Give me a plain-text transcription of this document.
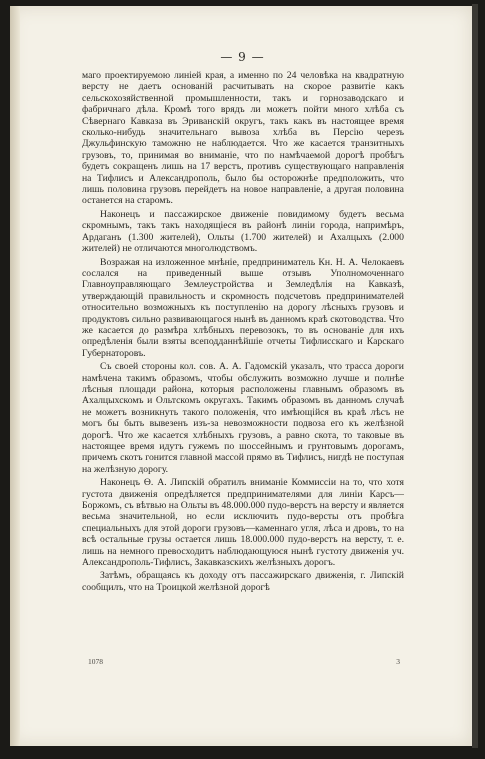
— 9 —

маго проектируемою линiей края, а именно по 24 человѣка на квадратную версту не даетъ основанiй расчитывать на скорое развитiе какъ сельскохозяйственной промышленности, такъ и горнозаводскаго и фабричнаго дѣла. Кромѣ того врядъ ли можетъ пойти много хлѣба съ Сѣвернаго Кавказа въ Эриванскiй округъ, такъ какъ въ настоящее время сколько-нибудь значительнаго вывоза хлѣба въ Персiю черезъ Джульфинскую таможню не наблюдается. Что же касается транзитныхъ грузовъ, то, принимая во вниманiе, что по намѣчаемой дорогѣ пробѣгъ будетъ сокращенъ лишь на 17 верстъ, противъ существующаго направленiя на Тифлисъ и Александрополь, было бы осторожнѣе предположить, что лишь половина грузовъ перейдетъ на новое направленiе, а другая половина останется на старомъ.

Наконецъ и пассажирское движенiе повидимому будетъ весьма скромнымъ, такъ такъ находящiеся въ районѣ линiи города, напримѣръ, Ардаганъ (1.300 жителей), Ольты (1.700 жителей) и Ахалцыхъ (2.000 жителей) не отличаются многолюдствомъ.

Возражая на изложенное мнѣнiе, предприниматель Кн. Н. А. Челокаевъ сослался на приведенный выше отзывъ Уполномоченнаго Главноуправляющаго Землеустройства и Земледѣлiя на Кавказѣ, утверждающiй правильность и скромность подсчетовъ предпринимателей относительно возможныхъ къ поступленiю на дорогу лѣсныхъ грузовъ и продуктовъ сильно развивающагося нынѣ въ данномъ краѣ скотоводства. Что же касается до размѣра хлѣбныхъ перевозокъ, то въ основанiе для ихъ опредѣленiя были взяты всеподданнѣйшiе отчеты Тифлисскаго и Карскаго Губернаторовъ.

Съ своей стороны кол. сов. А. А. Гадомскiй указалъ, что трасса дороги намѣчена такимъ образомъ, чтобы обслужить возможно лучше и полнѣе лѣсныя площади района, которыя расположены главнымъ образомъ въ Ахалцыхскомъ и Ольтскомъ округахъ. Такимъ образомъ въ данномъ случаѣ не можетъ возникнуть такого положенiя, что имѣющiйся въ краѣ лѣсъ не могъ бы быть вывезенъ изъ-за невозможности подвоза его къ желѣзной дорогѣ. Что же касается хлѣбныхъ грузовъ, а равно скота, то таковые въ настоящее время идутъ гужемъ по шоссейнымъ и грунтовымъ дорогамъ, причемъ скотъ гонится главной массой прямо въ Тифлисъ, нигдѣ не поступая на желѣзную дорогу.

Наконецъ Ѳ. А. Липскiй обратилъ вниманiе Коммиссiи на то, что хотя густота движенiя опредѣляется предпринимателями для линiи Карсъ—Боржомъ, съ вѣтвью на Ольты въ 48.000.000 пудо-верстъ на версту и является весьма значительной, но если исключить пудо-версты отъ пробѣга специальныхъ для этой дороги грузовъ—каменнаго угля, лѣса и дровъ, то на всѣ остальные грузы остается лишь 18.000.000 пудо-верстъ на версту, т. е. лишь на немного превосходитъ наблюдающуюся нынѣ густоту движенiя уч. Александрополь-Тифлисъ, Закавказскихъ желѣзныхъ дорогъ.

Затѣмъ, обращаясь къ доходу отъ пассажирскаго движенiя, г. Липскiй сообщилъ, что на Троицкой желѣзной дорогѣ

1078	3
